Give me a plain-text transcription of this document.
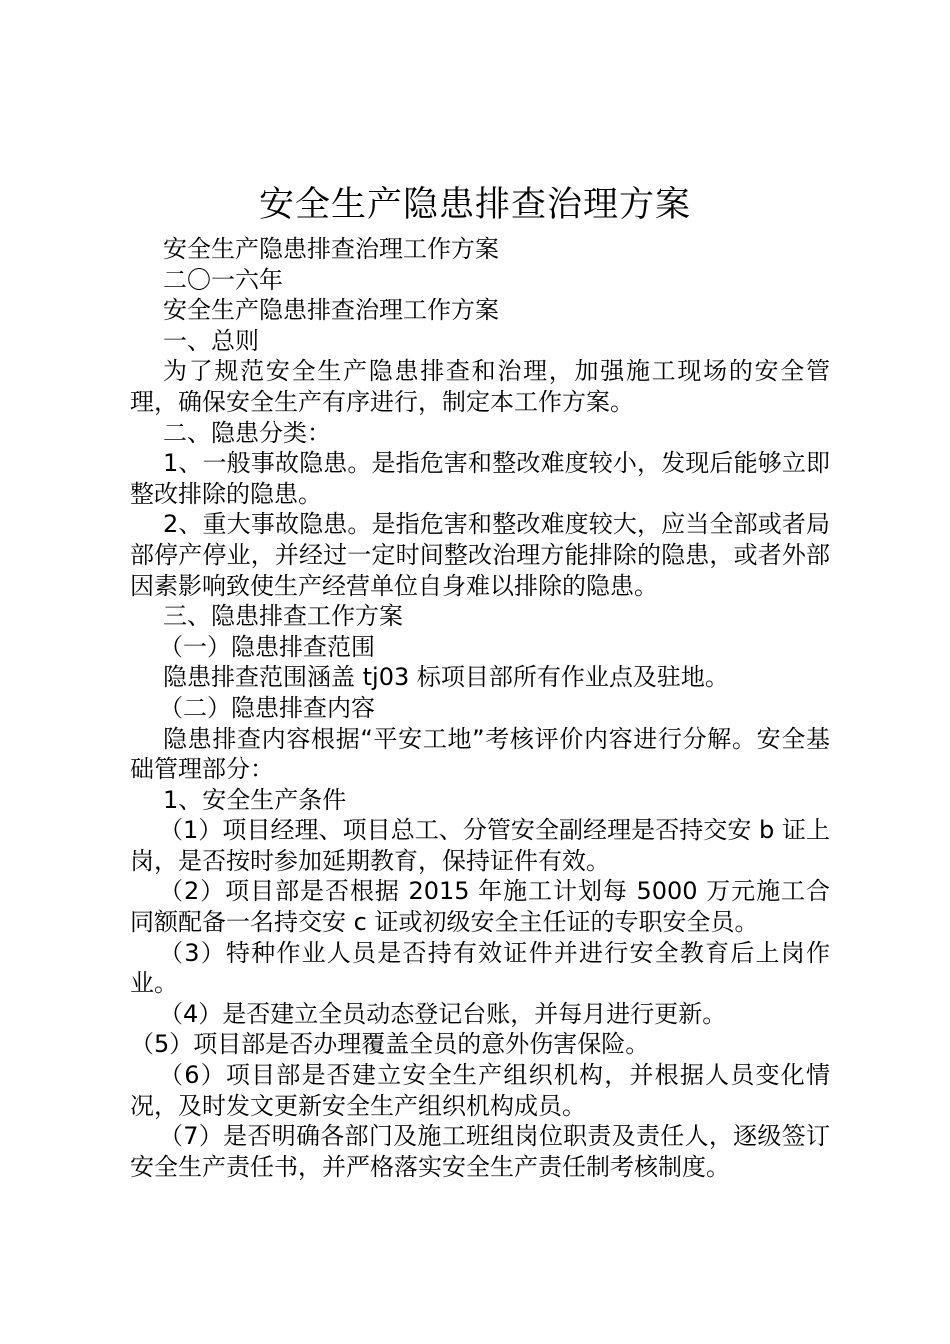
安全生产隐患排查治理方案

安全生产隐患排查治理工作方案

二〇一六年

安全生产隐患排查治理工作方案

一、总则

为了规范安全生产隐患排查和治理，加强施工现场的安全管理，确保安全生产有序进行，制定本工作方案。

二、隐患分类：

1、一般事故隐患。是指危害和整改难度较小，发现后能够立即整改排除的隐患。

2、重大事故隐患。是指危害和整改难度较大，应当全部或者局部停产停业，并经过一定时间整改治理方能排除的隐患，或者外部因素影响致使生产经营单位自身难以排除的隐患。

三、隐患排查工作方案

（一）隐患排查范围

隐患排查范围涵盖 tj03 标项目部所有作业点及驻地。

（二）隐患排查内容

隐患排查内容根据“平安工地”考核评价内容进行分解。安全基础管理部分：

1、安全生产条件

（1）项目经理、项目总工、分管安全副经理是否持交安 b 证上岗，是否按时参加延期教育，保持证件有效。

（2）项目部是否根据 2015 年施工计划每 5000 万元施工合同额配备一名持交安 c 证或初级安全主任证的专职安全员。

（3）特种作业人员是否持有效证件并进行安全教育后上岗作业。

（4）是否建立全员动态登记台账，并每月进行更新。

（5）项目部是否办理覆盖全员的意外伤害保险。

（6）项目部是否建立安全生产组织机构，并根据人员变化情况，及时发文更新安全生产组织机构成员。

（7）是否明确各部门及施工班组岗位职责及责任人，逐级签订安全生产责任书，并严格落实安全生产责任制考核制度。
